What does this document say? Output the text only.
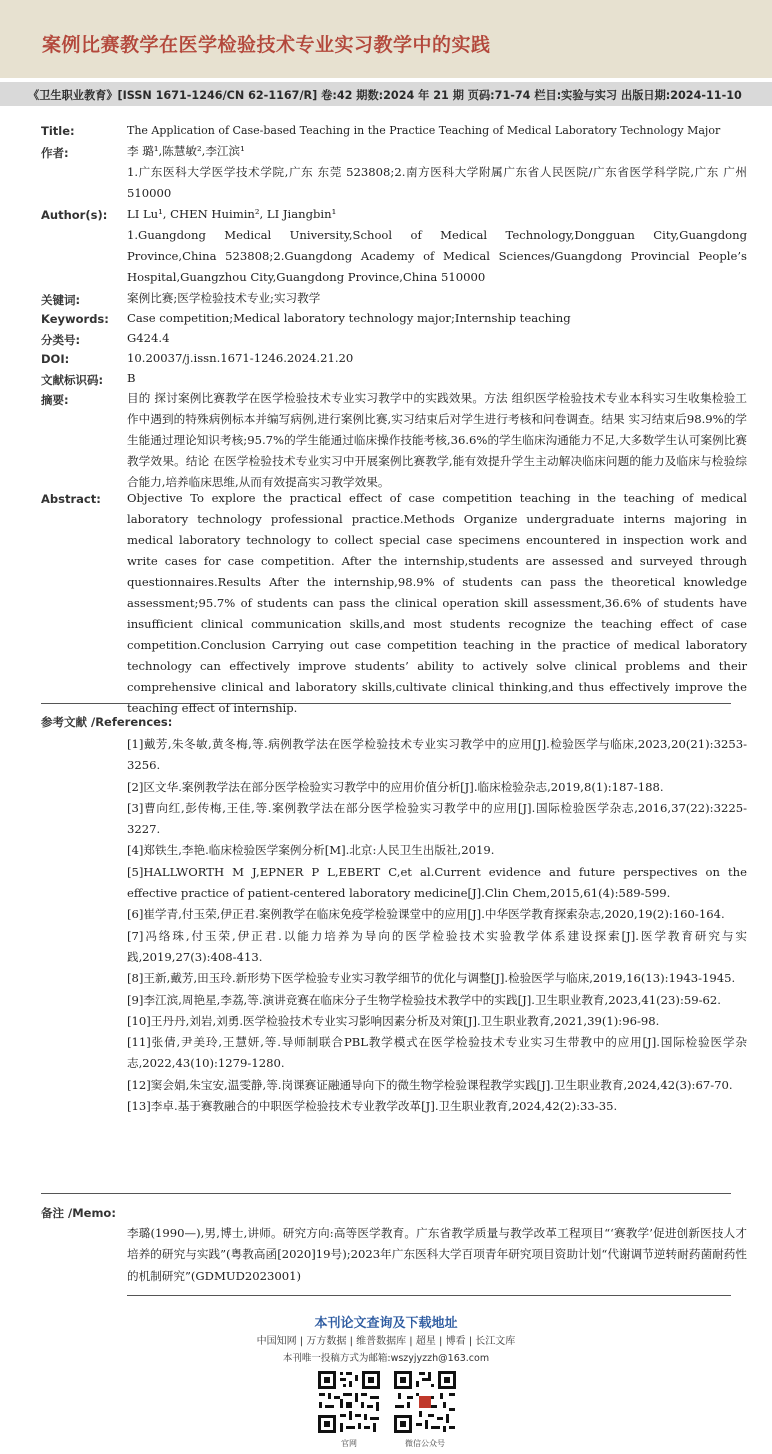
案例比赛教学在医学检验技术专业实习教学中的实践
《卫生职业教育》[ISSN 1671-1246/CN 62-1167/R] 卷:42 期数:2024 年 21 期 页码:71-74 栏目:实验与实习 出版日期:2024-11-10
Title:	The Application of Case-based Teaching in the Practice Teaching of Medical Laboratory Technology Major
作者:	李 璐¹,陈慧敏²,李江滨¹
1.广东医科大学医学技术学院,广东 东莞 523808;2.南方医科大学附属广东省人民医院/广东省医学科学院,广东 广州 510000
Author(s): LI Lu¹, CHEN Huimin², LI Jiangbin¹
1.Guangdong Medical University,School of Medical Technology,Dongguan City,Guangdong Province,China 523808;2.Guangdong Academy of Medical Sciences/Guangdong Provincial People’s Hospital,Guangzhou City,Guangdong Province,China 510000
关键词:	案例比赛;医学检验技术专业;实习教学
Keywords: Case competition;Medical laboratory technology major;Internship teaching
分类号:	G424.4
DOI:	10.20037/j.issn.1671-1246.2024.21.20
文献标识码: B
摘要:	目的 探讨案例比赛教学在医学检验技术专业实习教学中的实践效果。方法 组织医学检验技术专业本科实习生收集检验工作中遇到的特殊病例标本并编写病例,进行案例比赛,实习结束后对学生进行考核和问卷调查。结果 实习结束后98.9%的学生能通过理论知识考核;95.7%的学生能通过临床操作技能考核,36.6%的学生临床沟通能力不足,大多数学生认可案例比赛教学效果。结论 在医学检验技术专业实习中开展案例比赛教学,能有效提升学生主动解决临床问题的能力及临床与检验综合能力,培养临床思维,从而有效提高实习教学效果。
Abstract: Objective To explore the practical effect of case competition teaching in the teaching of medical laboratory technology professional practice.Methods Organize undergraduate interns majoring in medical laboratory technology to collect special case specimens encountered in inspection work and write cases for case competition. After the internship,students are assessed and surveyed through questionnaires.Results After the internship,98.9% of students can pass the theoretical knowledge assessment;95.7% of students can pass the clinical operation skill assessment,36.6% of students have insufficient clinical communication skills,and most students recognize the teaching effect of case competition.Conclusion Carrying out case competition teaching in the practice of medical laboratory technology can effectively improve students’ ability to actively solve clinical problems and their comprehensive clinical and laboratory skills,cultivate clinical thinking,and thus effectively improve the teaching effect of internship.
参考文献 /References:
[1]戴芳,朱冬敏,黄冬梅,等.病例教学法在医学检验技术专业实习教学中的应用[J].检验医学与临床,2023,20(21):3253-3256.
[2]区文华.案例教学法在部分医学检验实习教学中的应用价值分析[J].临床检验杂志,2019,8(1):187-188.
[3]曹向红,彭传梅,王佳,等.案例教学法在部分医学检验实习教学中的应用[J].国际检验医学杂志,2016,37(22):3225-3227.
[4]郑铁生,李艳.临床检验医学案例分析[M].北京:人民卫生出版社,2019.
[5]HALLWORTH M J,EPNER P L,EBERT C,et al.Current evidence and future perspectives on the effective practice of patient-centered laboratory medicine[J].Clin Chem,2015,61(4):589-599.
[6]崔学青,付玉荣,伊正君.案例教学在临床免疫学检验课堂中的应用[J].中华医学教育探索杂志,2020,19(2):160-164.
[7]冯络珠,付玉荣,伊正君.以能力培养为导向的医学检验技术实验教学体系建设探索[J].医学教育研究与实践,2019,27(3):408-413.
[8]王新,戴芳,田玉玲.新形势下医学检验专业实习教学细节的优化与调整[J].检验医学与临床,2019,16(13):1943-1945.
[9]李江滨,周艳星,李荔,等.演讲竞赛在临床分子生物学检验技术教学中的实践[J].卫生职业教育,2023,41(23):59-62.
[10]王丹丹,刘岩,刘勇.医学检验技术专业实习影响因素分析及对策[J].卫生职业教育,2021,39(1):96-98.
[11]张倩,尹美玲,王慧妍,等.导师制联合PBL教学模式在医学检验技术专业实习生带教中的应用[J].国际检验医学杂志,2022,43(10):1279-1280.
[12]窦会娟,朱宝安,温雯静,等.岗课赛证融通导向下的微生物学检验课程教学实践[J].卫生职业教育,2024,42(3):67-70.
[13]李卓.基于赛教融合的中职医学检验技术专业教学改革[J].卫生职业教育,2024,42(2):33-35.
备注 /Memo:
李璐(1990—),男,博士,讲师。研究方向:高等医学教育。广东省教学质量与教学改革工程项目“‘赛教学’促进创新医技人才培养的研究与实践”(粤教高函[2020]19号);2023年广东医科大学百项青年研究项目资助计划“代谢调节逆转耐药菌耐药性的机制研究”(GDMUD2023001)
本刊论文查询及下载地址
中国知网 | 万方数据 | 维普数据库 | 超星 | 博看 | 长江文库
本刊唯一投稿方式为邮箱:wszyjyzzh@163.com
官网	微信公众号
